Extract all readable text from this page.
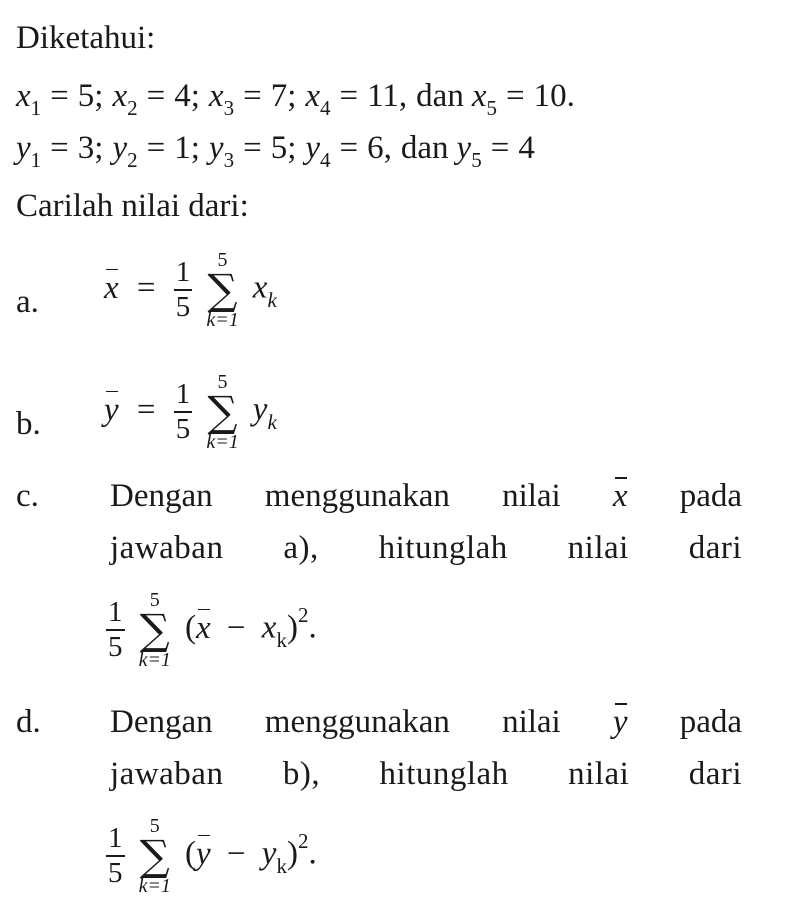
Diketahui:
$x_1 = 5$; $x_2 = 4$; $x_3 = 7$; $x_4 = 11$, dan $x_5 = 10$.
$y_1 = 3$; $y_2 = 1$; $y_3 = 5$; $y_4 = 6$, dan $y_5 = 4$
Carilah nilai dari:
a. $x = \frac{1}{5}$
	5
∑
k=1
$x_k$
b. $y = \frac{1}{5}$
	5
∑
k=1
$y_k$
c. Dengan menggunakan nilai x pada
jawaban a), hitunglah nilai dari
$\frac{1}{5}$
	5
∑
k=1
$(x - x_k)^2$.
d. Dengan menggunakan nilai y pada
jawaban b), hitunglah nilai dari
$\frac{1}{5}$
	5
∑
k=1
$(y - y_k)^2$.
